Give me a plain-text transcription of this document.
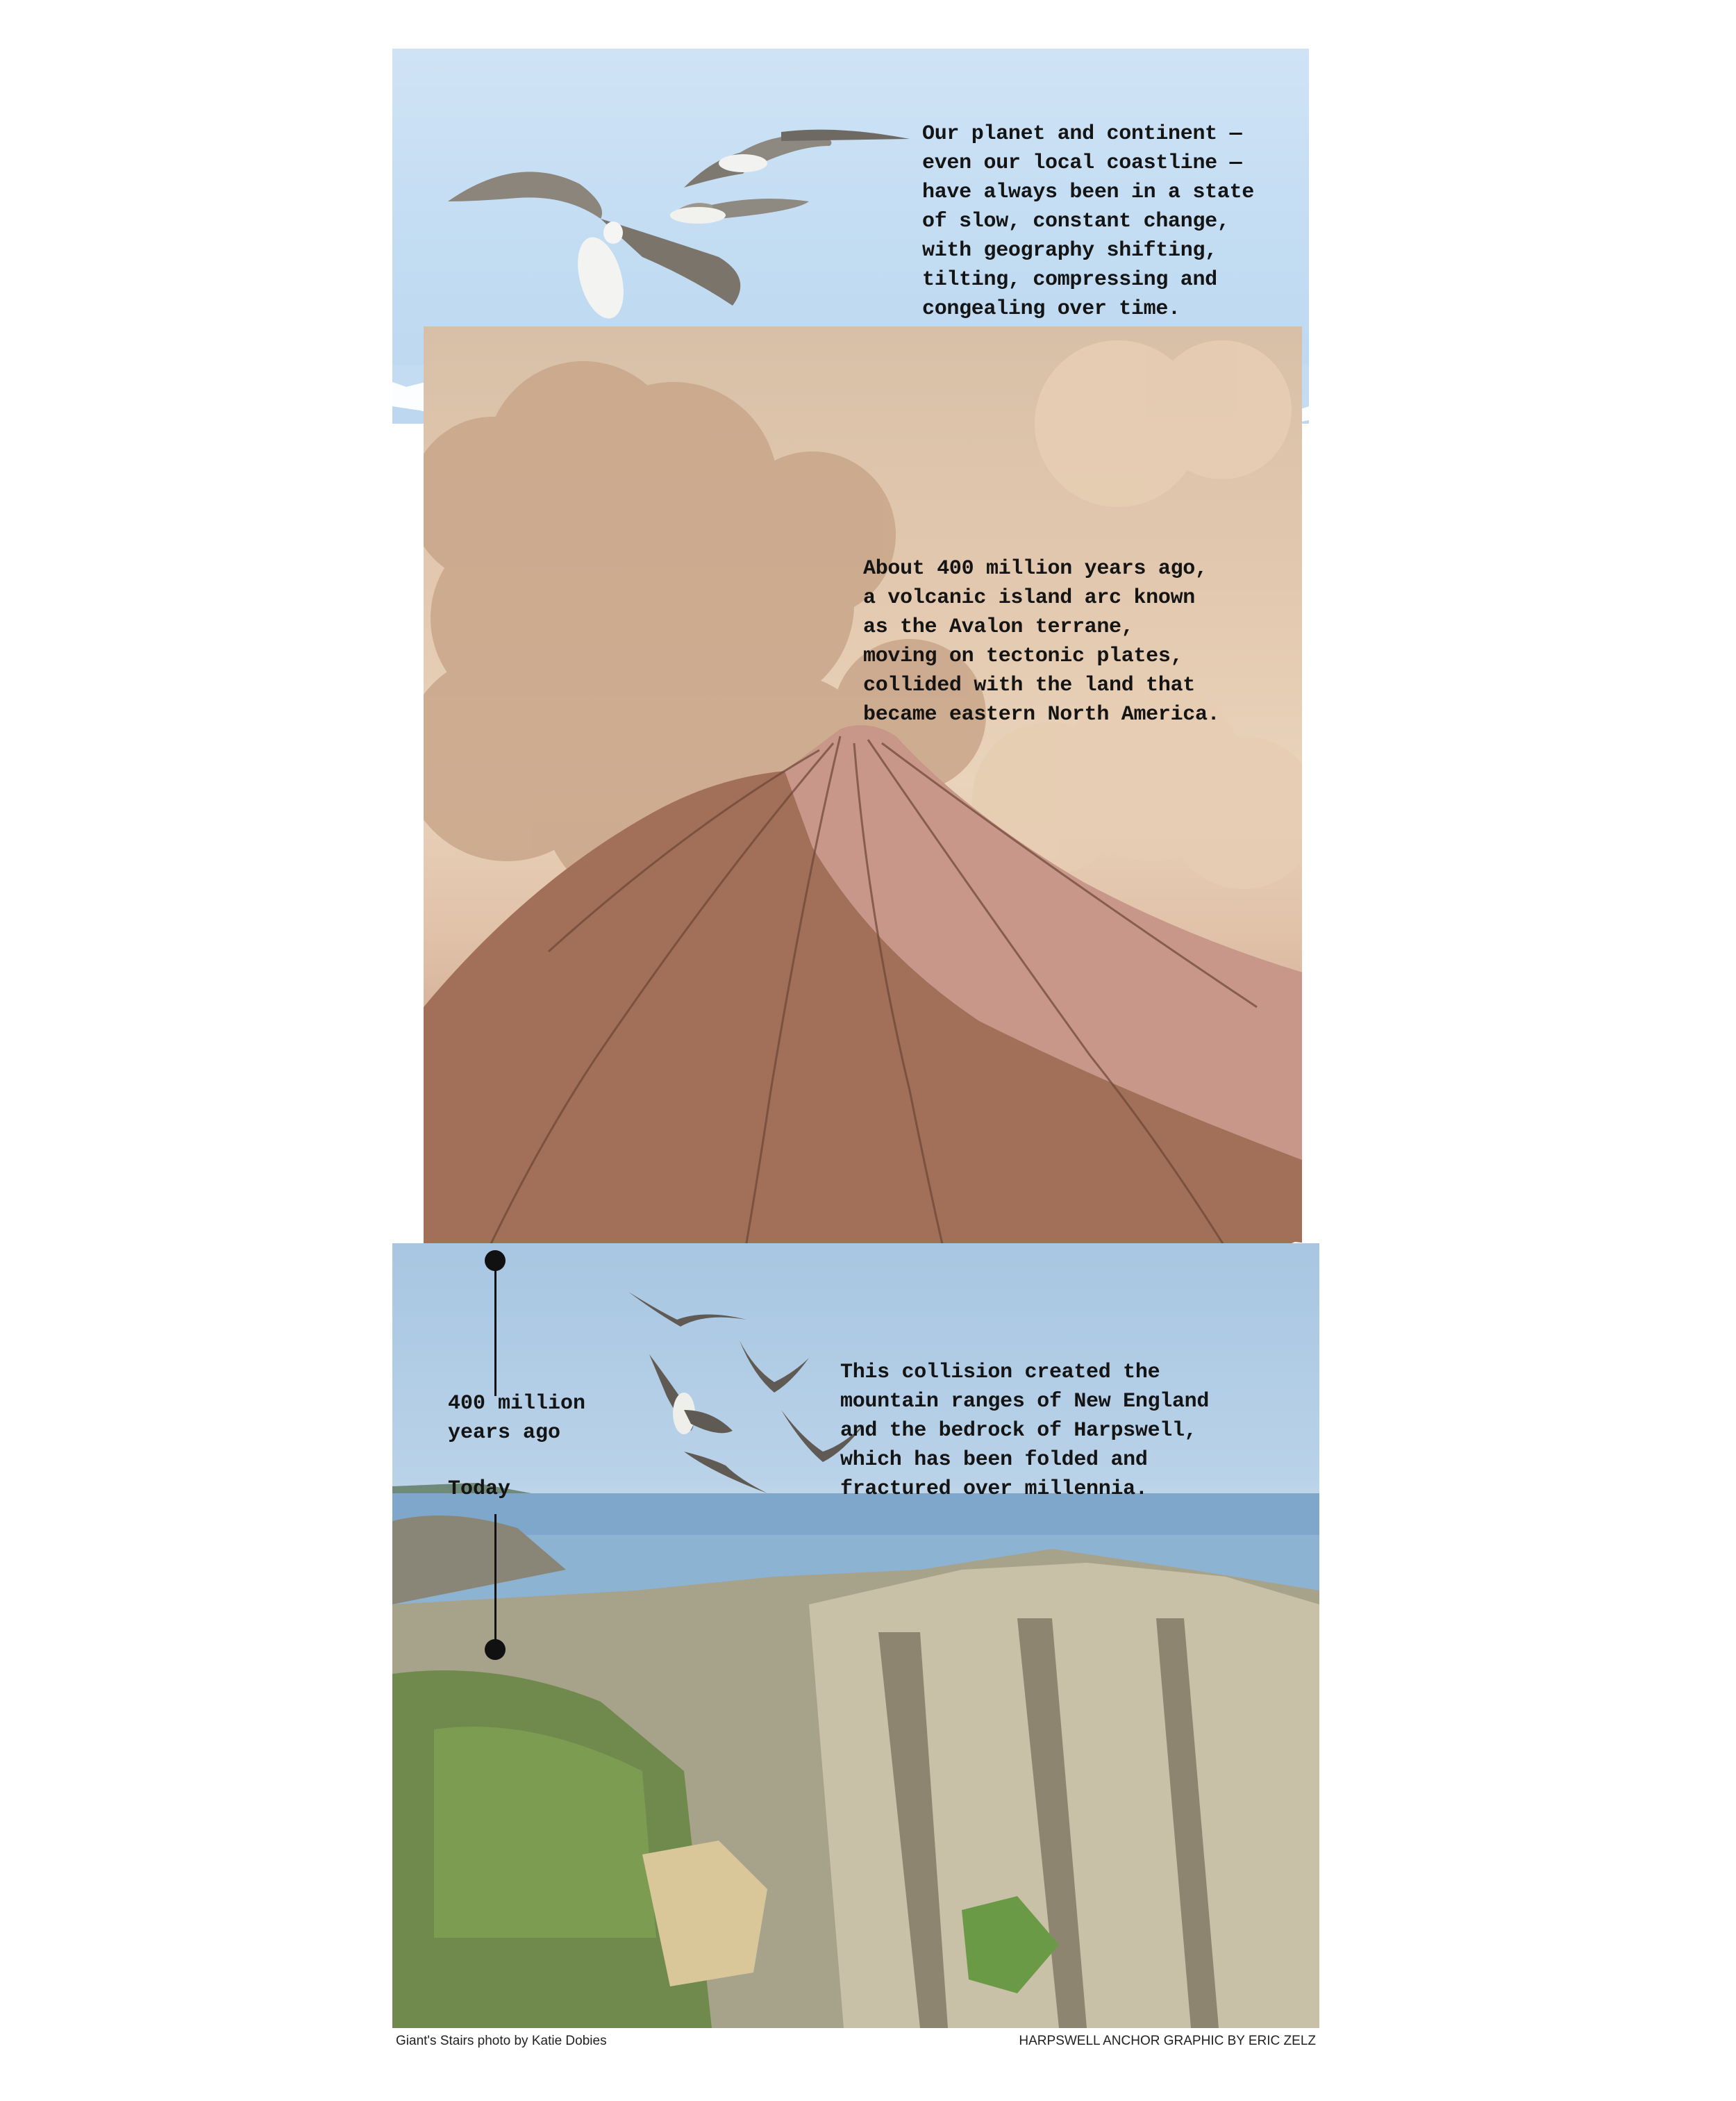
Our planet and continent —
even our local coastline —
have always been in a state
of slow, constant change,
with geography shifting,
tilting, compressing and
congealing over time.
About 400 million years ago,
a volcanic island arc known
as the Avalon terrane,
moving on tectonic plates,
collided with the land that
became eastern North America.
This collision created the
mountain ranges of New England
and the bedrock of Harpswell,
which has been folded and
fractured over millennia.
400 million
years ago
Today
Giant's Stairs photo by Katie Dobies	HARPSWELL ANCHOR GRAPHIC BY ERIC ZELZ
